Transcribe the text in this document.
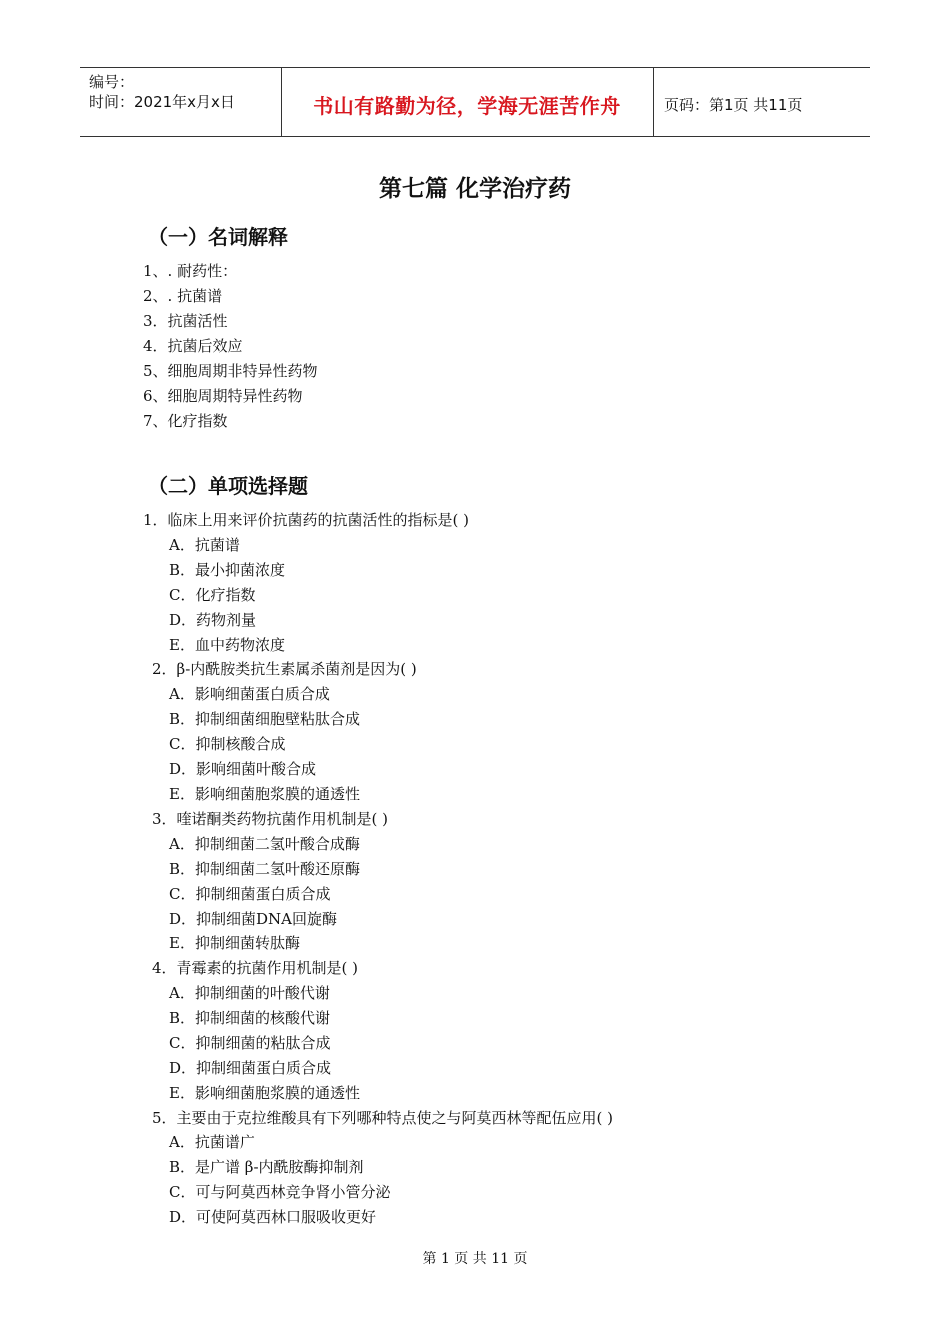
编号：
时间：2021年x月x日	书山有路勤为径，学海无涯苦作舟	页码：第1页 共11页
第七篇 化学治疗药
（一）名词解释
1、. 耐药性：
2、. 抗菌谱
3．抗菌活性
4．抗菌后效应
5、细胞周期非特异性药物
6、细胞周期特异性药物
7、化疗指数
（二）单项选择题
1．临床上用来评价抗菌药的抗菌活性的指标是( )
A．抗菌谱
B．最小抑菌浓度
C．化疗指数
D．药物剂量
E．血中药物浓度
2．β-内酰胺类抗生素属杀菌剂是因为( )
A．影响细菌蛋白质合成
B．抑制细菌细胞壁粘肽合成
C．抑制核酸合成
D．影响细菌叶酸合成
E．影响细菌胞浆膜的通透性
3．喹诺酮类药物抗菌作用机制是( )
A．抑制细菌二氢叶酸合成酶
B．抑制细菌二氢叶酸还原酶
C．抑制细菌蛋白质合成
D．抑制细菌DNA回旋酶
E．抑制细菌转肽酶
4．青霉素的抗菌作用机制是( )
A．抑制细菌的叶酸代谢
B．抑制细菌的核酸代谢
C．抑制细菌的粘肽合成
D．抑制细菌蛋白质合成
E．影响细菌胞浆膜的通透性
5．主要由于克拉维酸具有下列哪种特点使之与阿莫西林等配伍应用( )
A．抗菌谱广
B．是广谱 β-内酰胺酶抑制剂
C．可与阿莫西林竞争肾小管分泌
D．可使阿莫西林口服吸收更好
第 1 页 共 11 页
